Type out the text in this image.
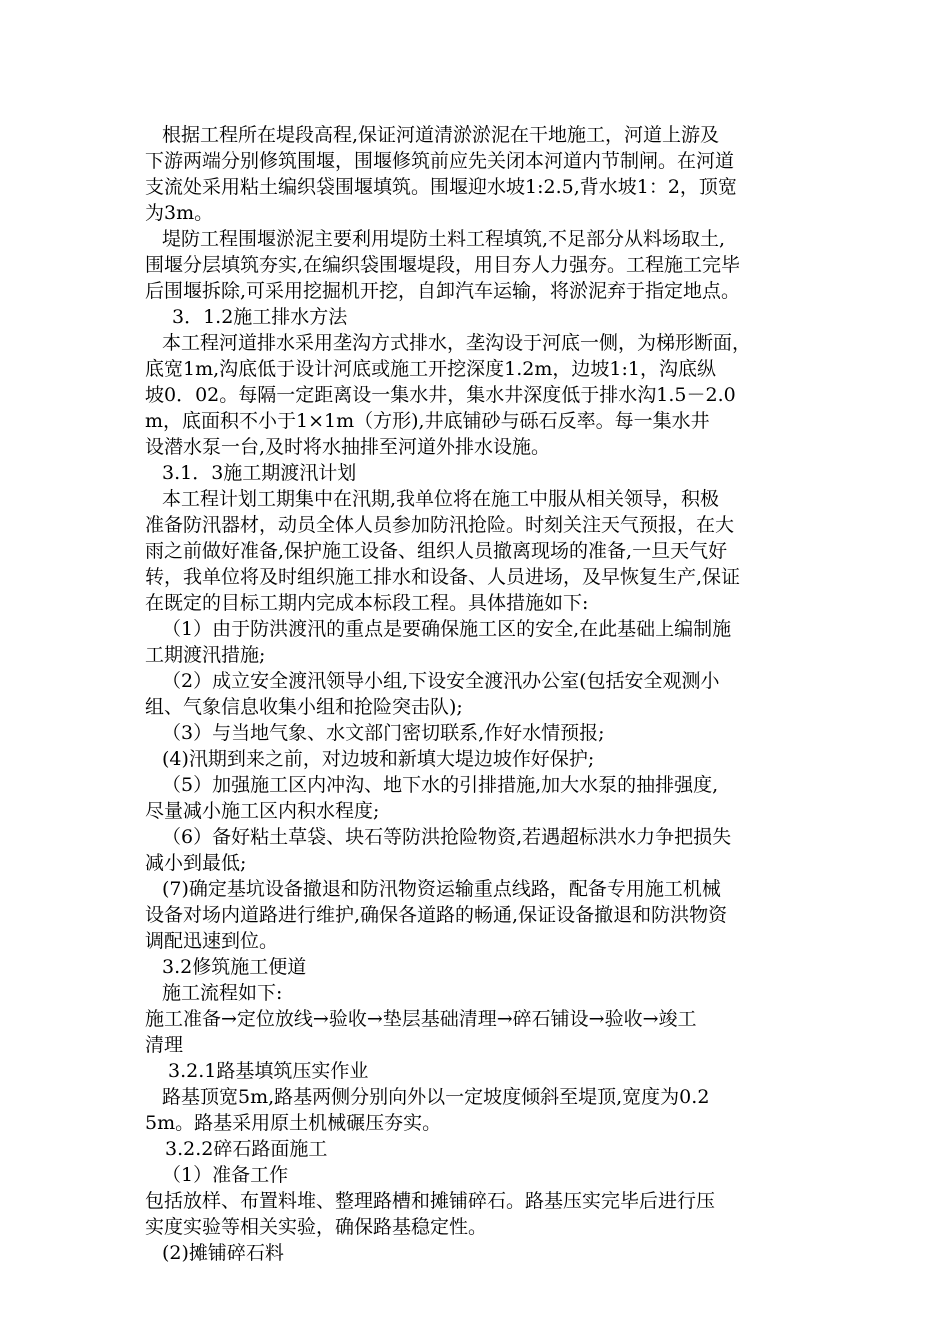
根据工程所在堤段高程,保证河道清淤淤泥在干地施工，河道上游及
下游两端分别修筑围堰，围堰修筑前应先关闭本河道内节制闸。在河道
支流处采用粘土编织袋围堰填筑。围堰迎水坡1:2.5,背水坡1：2，顶宽
为3m。
堤防工程围堰淤泥主要利用堤防土料工程填筑,不足部分从料场取土,
围堰分层填筑夯实,在编织袋围堰堤段，用目夯人力强夯。工程施工完毕
后围堰拆除,可采用挖掘机开挖，自卸汽车运输，将淤泥弃于指定地点。
3．1.2施工排水方法
本工程河道排水采用垄沟方式排水，垄沟设于河底一侧，为梯形断面，
底宽1m,沟底低于设计河底或施工开挖深度1.2m，边坡1:1，沟底纵
坡0．02。每隔一定距离设一集水井，集水井深度低于排水沟1.5－2.0
m，底面积不小于1×1m（方形),井底铺砂与砾石反率。每一集水井
设潜水泵一台,及时将水抽排至河道外排水设施。
3.1．3施工期渡汛计划
本工程计划工期集中在汛期,我单位将在施工中服从相关领导，积极
准备防汛器材，动员全体人员参加防汛抢险。时刻关注天气预报，在大
雨之前做好准备,保护施工设备、组织人员撤离现场的准备,一旦天气好
转，我单位将及时组织施工排水和设备、人员进场，及早恢复生产,保证
在既定的目标工期内完成本标段工程。具体措施如下:
（1）由于防洪渡汛的重点是要确保施工区的安全,在此基础上编制施
工期渡汛措施;
（2）成立安全渡汛领导小组,下设安全渡汛办公室(包括安全观测小
组、气象信息收集小组和抢险突击队);
（3）与当地气象、水文部门密切联系,作好水情预报;
(4)汛期到来之前，对边坡和新填大堤边坡作好保护;
（5）加强施工区内冲沟、地下水的引排措施,加大水泵的抽排强度,
尽量减小施工区内积水程度;
（6）备好粘土草袋、块石等防洪抢险物资,若遇超标洪水力争把损失
减小到最低;
(7)确定基坑设备撤退和防汛物资运输重点线路，配备专用施工机械
设备对场内道路进行维护,确保各道路的畅通,保证设备撤退和防洪物资
调配迅速到位。
3.2修筑施工便道
施工流程如下:
施工准备→定位放线→验收→垫层基础清理→碎石铺设→验收→竣工
清理
3.2.1路基填筑压实作业
路基顶宽5m,路基两侧分别向外以一定坡度倾斜至堤顶,宽度为0.2
5m。路基采用原土机械碾压夯实。
3.2.2碎石路面施工
（1）准备工作
包括放样、布置料堆、整理路槽和摊铺碎石。路基压实完毕后进行压
实度实验等相关实验，确保路基稳定性。
(2)摊铺碎石料
